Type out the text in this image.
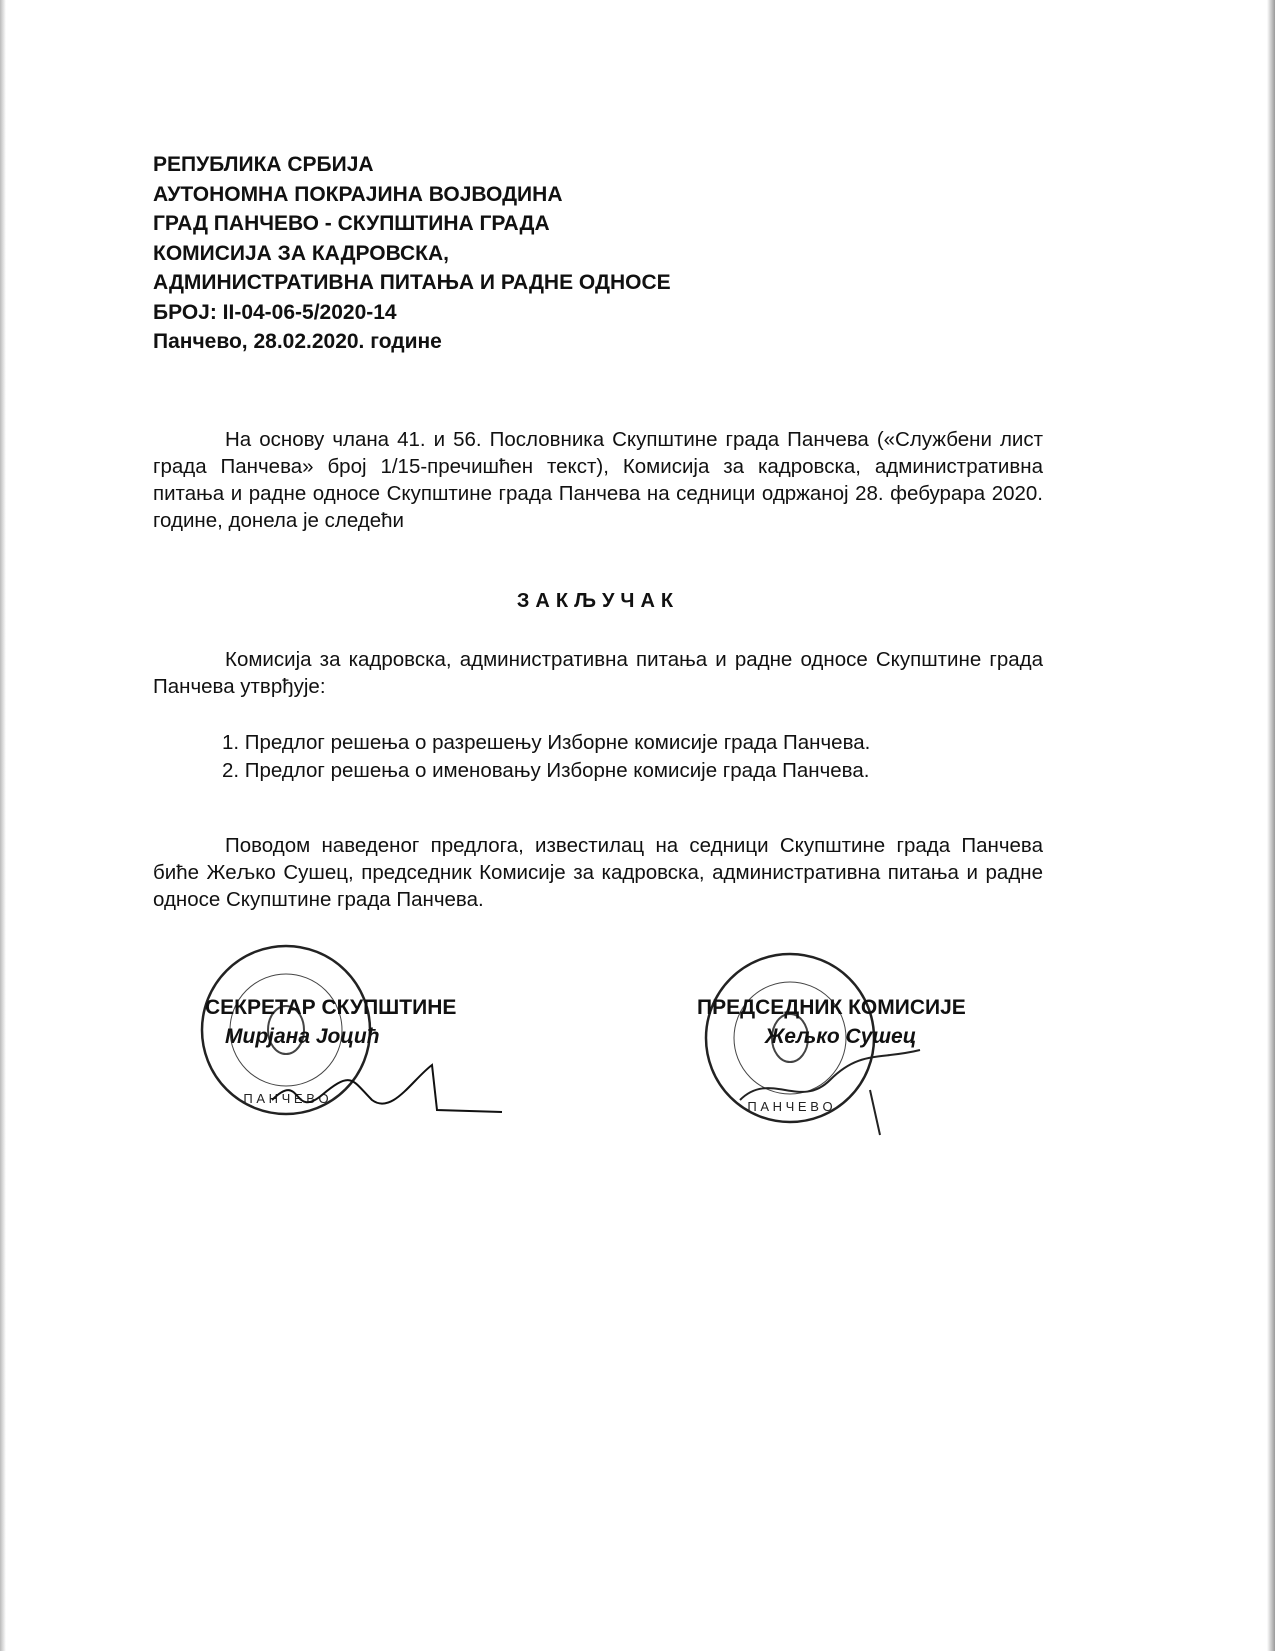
РЕПУБЛИКА СРБИЈА
АУТОНОМНА ПОКРАЈИНА ВОЈВОДИНА
ГРАД ПАНЧЕВО - СКУПШТИНА ГРАДА
КОМИСИЈА ЗА КАДРОВСКА,
АДМИНИСТРАТИВНА ПИТАЊА И РАДНЕ ОДНОСЕ
БРОЈ: II-04-06-5/2020-14
Панчево, 28.02.2020. године
На основу члана 41. и 56. Пословника Скупштине града Панчева («Службени лист града Панчева» број 1/15-пречишћен текст), Комисија за кадровска, административна питања и радне односе Скупштине града Панчева на седници одржаној 28. фебурара 2020. године, донела је следећи
ЗАКЉУЧАК
Комисија за кадровска, административна питања и радне односе Скупштине града Панчева утврђује:
1. Предлог решења о разрешењу Изборне комисије града Панчева.
2. Предлог решења о именовању Изборне комисије града Панчева.
Поводом наведеног предлога, известилац на седници Скупштине града Панчева биће Жељко Сушец, председник Комисије за кадровска, административна питања и радне односе Скупштине града Панчева.
П А Н Ч Е В О
СЕКРЕТАР СКУПШТИНЕ
Мирјана Јоцић
П А Н Ч Е В О
ПРЕДСЕДНИК КОМИСИЈЕ
Жељко Сушец
